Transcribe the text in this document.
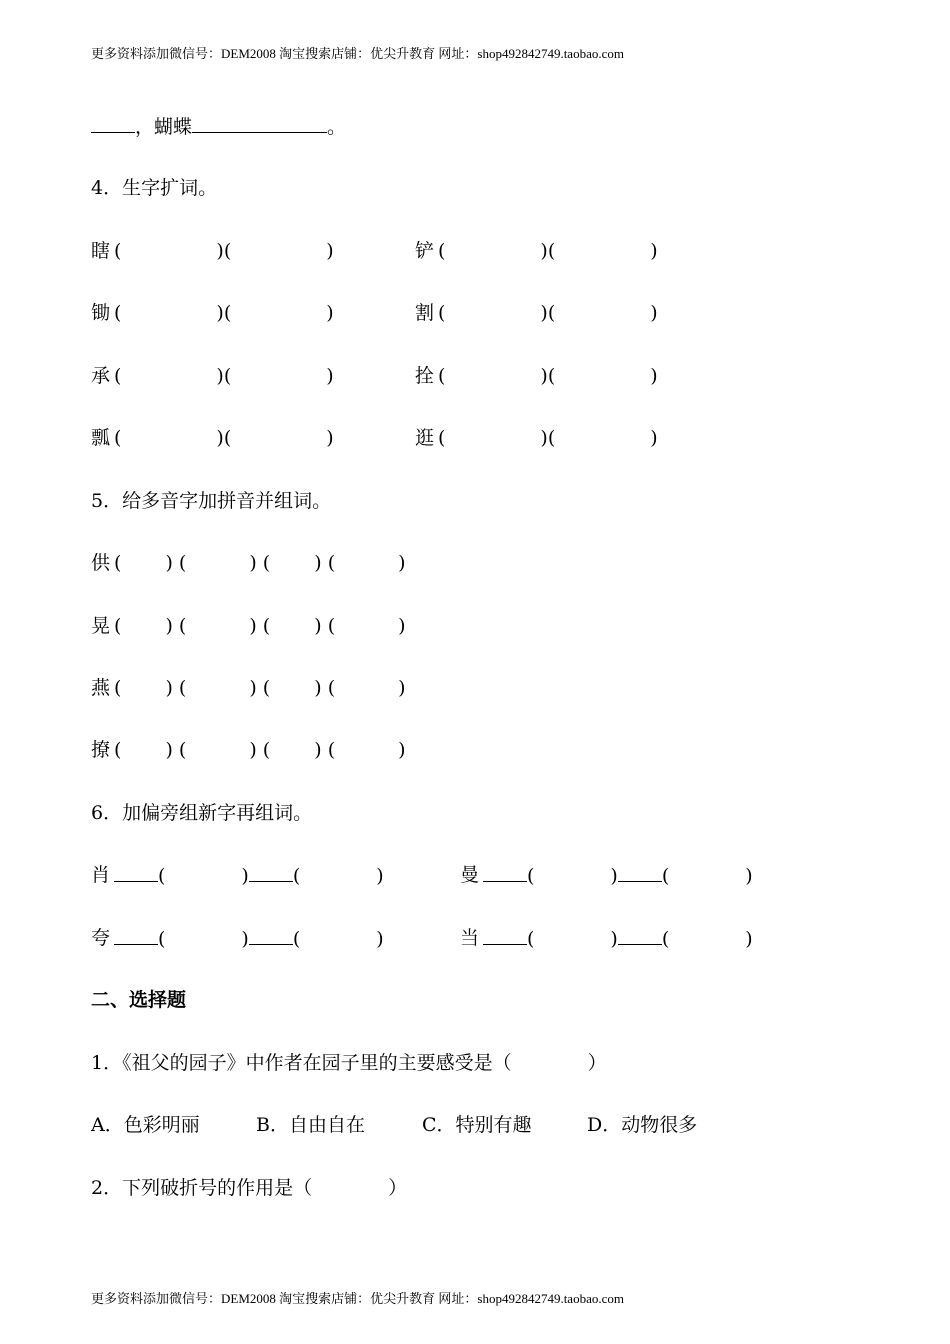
更多资料添加微信号：DEM2008 淘宝搜索店铺：优尖升教育 网址：shop492842749.taobao.com
，蝴蝶	。
4．生字扩词。
瞎 (　　　　　)(　　　　　)	铲 (　　　　　)(　　　　　)
锄 (　　　　　)(　　　　　)	割 (　　　　　)(　　　　　)
承 (　　　　　)(　　　　　)	拴 (　　　　　)(　　　　　)
瓢 (　　　　　)(　　　　　)	逛 (　　　　　)(　　　　　)
5．给多音字加拼音并组词。
供 (　　 ) (　　　 ) (　　 ) (　　　 )
晃 (　　 ) (　　　 ) (　　 ) (　　　 )
燕 (　　 ) (　　　 ) (　　 ) (　　　 )
撩 (　　 ) (　　　 ) (　　 ) (　　　 )
6．加偏旁组新字再组词。
肖	(　　　　) (　　　　)	曼	(　　　　) (　　　　)
夸	(　　　　) (　　　　)	当	(　　　　) (　　　　)
二、选择题
1．《祖父的园子》中作者在园子里的主要感受是（　　　　）
A．色彩明丽	B．自由自在	C．特别有趣	D．动物很多
2．下列破折号的作用是（　　　　）
更多资料添加微信号：DEM2008 淘宝搜索店铺：优尖升教育 网址：shop492842749.taobao.com
